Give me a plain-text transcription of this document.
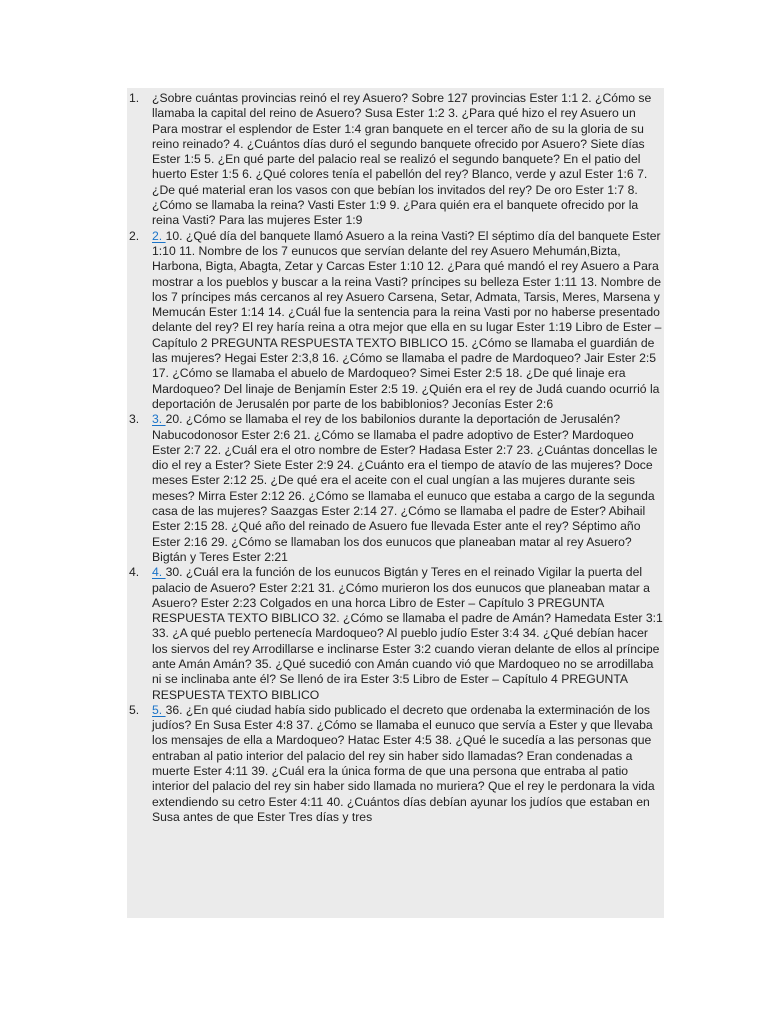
1. ¿Sobre cuántas provincias reinó el rey Asuero? Sobre 127 provincias Ester 1:1 2. ¿Cómo se llamaba la capital del reino de Asuero? Susa Ester 1:2 3. ¿Para qué hizo el rey Asuero un Para mostrar el esplendor de Ester 1:4 gran banquete en el tercer año de su la gloria de su reino reinado? 4. ¿Cuántos días duró el segundo banquete ofrecido por Asuero? Siete días Ester 1:5 5. ¿En qué parte del palacio real se realizó el segundo banquete? En el patio del huerto Ester 1:5 6. ¿Qué colores tenía el pabellón del rey? Blanco, verde y azul Ester 1:6 7. ¿De qué material eran los vasos con que bebían los invitados del rey? De oro Ester 1:7 8. ¿Cómo se llamaba la reina? Vasti Ester 1:9 9. ¿Para quién era el banquete ofrecido por la reina Vasti? Para las mujeres Ester 1:9
2. 2. 10. ¿Qué día del banquete llamó Asuero a la reina Vasti? El séptimo día del banquete Ester 1:10 11. Nombre de los 7 eunucos que servían delante del rey Asuero Mehumán,Bizta, Harbona, Bigta, Abagta, Zetar y Carcas Ester 1:10 12. ¿Para qué mandó el rey Asuero a Para mostrar a los pueblos y buscar a la reina Vasti? príncipes su belleza Ester 1:11 13. Nombre de los 7 príncipes más cercanos al rey Asuero Carsena, Setar, Admata, Tarsis, Meres, Marsena y Memucán Ester 1:14 14. ¿Cuál fue la sentencia para la reina Vasti por no haberse presentado delante del rey? El rey haría reina a otra mejor que ella en su lugar Ester 1:19 Libro de Ester – Capítulo 2 PREGUNTA RESPUESTA TEXTO BIBLICO 15. ¿Cómo se llamaba el guardián de las mujeres? Hegai Ester 2:3,8 16. ¿Cómo se llamaba el padre de Mardoqueo? Jair Ester 2:5 17. ¿Cómo se llamaba el abuelo de Mardoqueo? Simei Ester 2:5 18. ¿De qué linaje era Mardoqueo? Del linaje de Benjamín Ester 2:5 19. ¿Quién era el rey de Judá cuando ocurrió la deportación de Jerusalén por parte de los babiblonios? Jeconías Ester 2:6
3. 3. 20. ¿Cómo se llamaba el rey de los babilonios durante la deportación de Jerusalén? Nabucodonosor Ester 2:6 21. ¿Cómo se llamaba el padre adoptivo de Ester? Mardoqueo Ester 2:7 22. ¿Cuál era el otro nombre de Ester? Hadasa Ester 2:7 23. ¿Cuántas doncellas le dio el rey a Ester? Siete Ester 2:9 24. ¿Cuánto era el tiempo de atavío de las mujeres? Doce meses Ester 2:12 25. ¿De qué era el aceite con el cual ungían a las mujeres durante seis meses? Mirra Ester 2:12 26. ¿Cómo se llamaba el eunuco que estaba a cargo de la segunda casa de las mujeres? Saazgas Ester 2:14 27. ¿Cómo se llamaba el padre de Ester? Abihail Ester 2:15 28. ¿Qué año del reinado de Asuero fue llevada Ester ante el rey? Séptimo año Ester 2:16 29. ¿Cómo se llamaban los dos eunucos que planeaban matar al rey Asuero? Bigtán y Teres Ester 2:21
4. 4. 30. ¿Cuál era la función de los eunucos Bigtán y Teres en el reinado Vigilar la puerta del palacio de Asuero? Ester 2:21 31. ¿Cómo murieron los dos eunucos que planeaban matar a Asuero? Ester 2:23 Colgados en una horca Libro de Ester – Capítulo 3 PREGUNTA RESPUESTA TEXTO BIBLICO 32. ¿Cómo se llamaba el padre de Amán? Hamedata Ester 3:1 33. ¿A qué pueblo pertenecía Mardoqueo? Al pueblo judío Ester 3:4 34. ¿Qué debían hacer los siervos del rey Arrodillarse e inclinarse Ester 3:2 cuando vieran delante de ellos al príncipe ante Amán Amán? 35. ¿Qué sucedió con Amán cuando vió que Mardoqueo no se arrodillaba ni se inclinaba ante él? Se llenó de ira Ester 3:5 Libro de Ester – Capítulo 4 PREGUNTA RESPUESTA TEXTO BIBLICO
5. 5. 36. ¿En qué ciudad había sido publicado el decreto que ordenaba la exterminación de los judíos? En Susa Ester 4:8 37. ¿Cómo se llamaba el eunuco que servía a Ester y que llevaba los mensajes de ella a Mardoqueo? Hatac Ester 4:5 38. ¿Qué le sucedía a las personas que entraban al patio interior del palacio del rey sin haber sido llamadas? Eran condenadas a muerte Ester 4:11 39. ¿Cuál era la única forma de que una persona que entraba al patio interior del palacio del rey sin haber sido llamada no muriera? Que el rey le perdonara la vida extendiendo su cetro Ester 4:11 40. ¿Cuántos días debían ayunar los judíos que estaban en Susa antes de que Ester Tres días y tres
